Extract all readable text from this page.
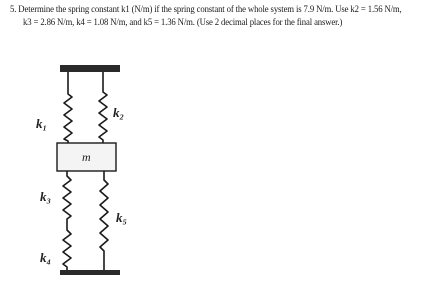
5. Determine the spring constant k1 (N/m) if the spring constant of the whole system is 7.9 N/m. Use k2 = 1.56 N/m,
k3 = 2.86 N/m, k4 = 1.08 N/m, and k5 = 1.36 N/m. (Use 2 decimal places for the final answer.)
k₁
k₂
m
k₃
k₅
k₄
